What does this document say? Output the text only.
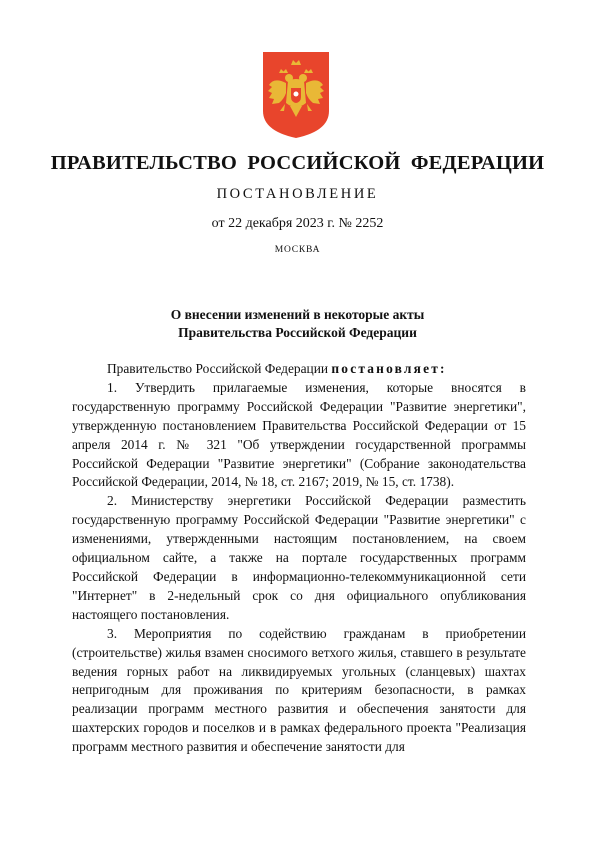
ПРАВИТЕЛЬСТВО РОССИЙСКОЙ ФЕДЕРАЦИИ
ПОСТАНОВЛЕНИЕ
от 22 декабря 2023 г. № 2252
МОСКВА
О внесении изменений в некоторые акты
Правительства Российской Федерации

Правительство Российской Федерации постановляет:

1. Утвердить прилагаемые изменения, которые вносятся в государственную программу Российской Федерации "Развитие энергетики", утвержденную постановлением Правительства Российской Федерации от 15 апреля 2014 г. № 321 "Об утверждении государственной программы Российской Федерации "Развитие энергетики" (Собрание законодательства Российской Федерации, 2014, № 18, ст. 2167; 2019, № 15, ст. 1738).

2. Министерству энергетики Российской Федерации разместить государственную программу Российской Федерации "Развитие энергетики" с изменениями, утвержденными настоящим постановлением, на своем официальном сайте, а также на портале государственных программ Российской Федерации в информационно-телекоммуникационной сети "Интернет" в 2-недельный срок со дня официального опубликования настоящего постановления.

3. Мероприятия по содействию гражданам в приобретении (строительстве) жилья взамен сносимого ветхого жилья, ставшего в результате ведения горных работ на ликвидируемых угольных (сланцевых) шахтах непригодным для проживания по критериям безопасности, в рамках реализации программ местного развития и обеспечения занятости для шахтерских городов и поселков и в рамках федерального проекта "Реализация программ местного развития и обеспечение занятости для
